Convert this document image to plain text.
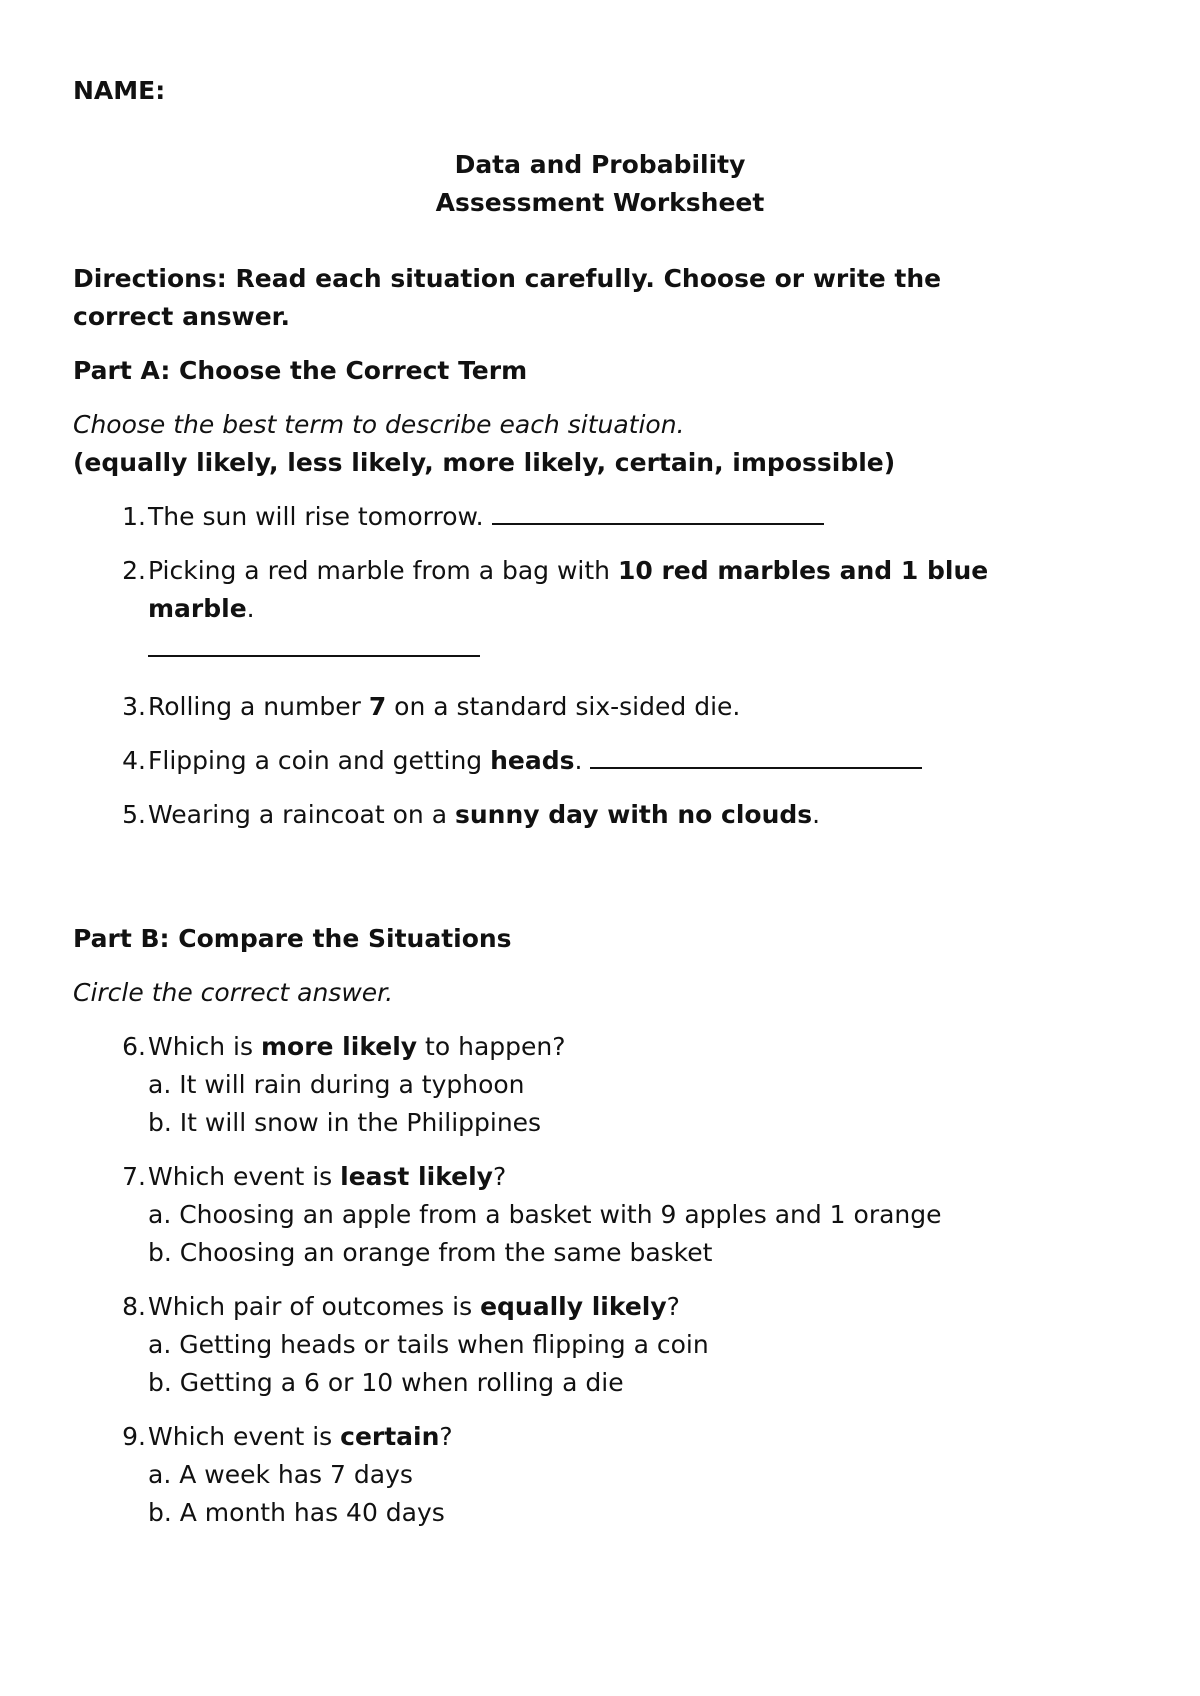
NAME:
Data and Probability
Assessment Worksheet
Directions: Read each situation carefully. Choose or write the
correct answer.
Part A: Choose the Correct Term
Choose the best term to describe each situation.
(equally likely, less likely, more likely, certain, impossible)
1. The sun will rise tomorrow.
2. Picking a red marble from a bag with 10 red marbles and 1 blue
marble.
3. Rolling a number 7 on a standard six-sided die.
4. Flipping a coin and getting heads.
5. Wearing a raincoat on a sunny day with no clouds.
Part B: Compare the Situations
Circle the correct answer.
6. Which is more likely to happen?
a. It will rain during a typhoon
b. It will snow in the Philippines
7. Which event is least likely?
a. Choosing an apple from a basket with 9 apples and 1 orange
b. Choosing an orange from the same basket
8. Which pair of outcomes is equally likely?
a. Getting heads or tails when flipping a coin
b. Getting a 6 or 10 when rolling a die
9. Which event is certain?
a. A week has 7 days
b. A month has 40 days
